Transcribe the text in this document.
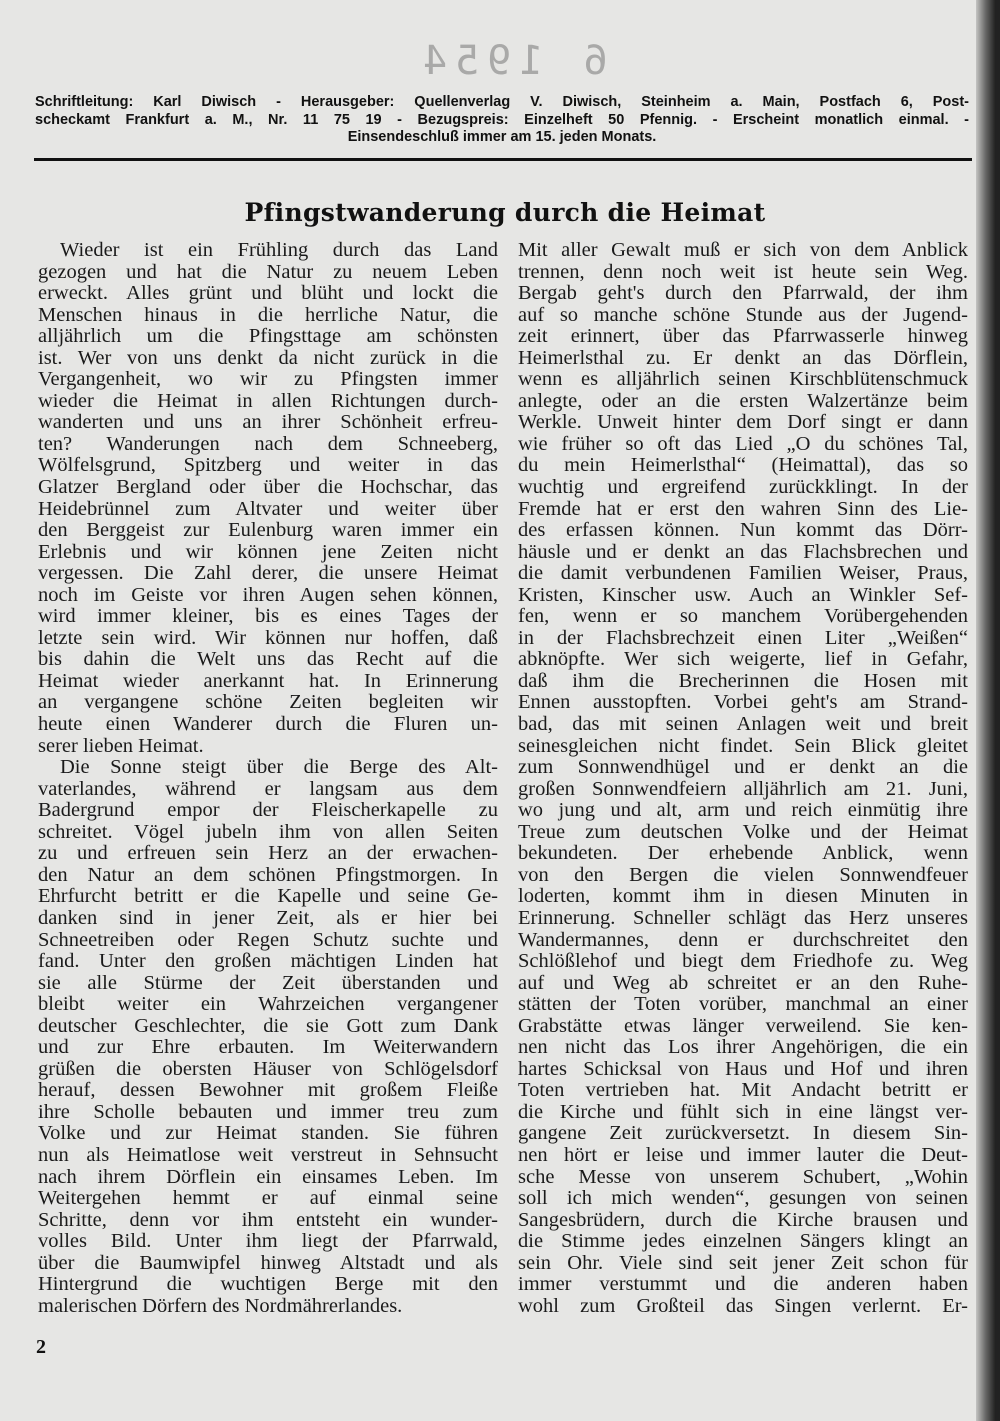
6 1954
Schriftleitung: Karl Diwisch - Herausgeber: Quellenverlag V. Diwisch, Steinheim a. Main, Postfach 6, Post-
scheckamt Frankfurt a. M., Nr. 11 75 19 - Bezugspreis: Einzelheft 50 Pfennig. - Erscheint monatlich einmal. -
Einsendeschluß immer am 15. jeden Monats.
Pfingstwanderung durch die Heimat
Wieder ist ein Frühling durch das Land
gezogen und hat die Natur zu neuem Leben
erweckt. Alles grünt und blüht und lockt die
Menschen hinaus in die herrliche Natur, die
alljährlich um die Pfingsttage am schönsten
ist. Wer von uns denkt da nicht zurück in die
Vergangenheit, wo wir zu Pfingsten immer
wieder die Heimat in allen Richtungen durch-
wanderten und uns an ihrer Schönheit erfreu-
ten? Wanderungen nach dem Schneeberg,
Wölfelsgrund, Spitzberg und weiter in das
Glatzer Bergland oder über die Hochschar, das
Heidebrünnel zum Altvater und weiter über
den Berggeist zur Eulenburg waren immer ein
Erlebnis und wir können jene Zeiten nicht
vergessen. Die Zahl derer, die unsere Heimat
noch im Geiste vor ihren Augen sehen können,
wird immer kleiner, bis es eines Tages der
letzte sein wird. Wir können nur hoffen, daß
bis dahin die Welt uns das Recht auf die
Heimat wieder anerkannt hat. In Erinnerung
an vergangene schöne Zeiten begleiten wir
heute einen Wanderer durch die Fluren un-
serer lieben Heimat.
Die Sonne steigt über die Berge des Alt-
vaterlandes, während er langsam aus dem
Badergrund empor der Fleischerkapelle zu
schreitet. Vögel jubeln ihm von allen Seiten
zu und erfreuen sein Herz an der erwachen-
den Natur an dem schönen Pfingstmorgen. In
Ehrfurcht betritt er die Kapelle und seine Ge-
danken sind in jener Zeit, als er hier bei
Schneetreiben oder Regen Schutz suchte und
fand. Unter den großen mächtigen Linden hat
sie alle Stürme der Zeit überstanden und
bleibt weiter ein Wahrzeichen vergangener
deutscher Geschlechter, die sie Gott zum Dank
und zur Ehre erbauten. Im Weiterwandern
grüßen die obersten Häuser von Schlögelsdorf
herauf, dessen Bewohner mit großem Fleiße
ihre Scholle bebauten und immer treu zum
Volke und zur Heimat standen. Sie führen
nun als Heimatlose weit verstreut in Sehnsucht
nach ihrem Dörflein ein einsames Leben. Im
Weitergehen hemmt er auf einmal seine
Schritte, denn vor ihm entsteht ein wunder-
volles Bild. Unter ihm liegt der Pfarrwald,
über die Baumwipfel hinweg Altstadt und als
Hintergrund die wuchtigen Berge mit den
malerischen Dörfern des Nordmährerlandes.
Mit aller Gewalt muß er sich von dem Anblick
trennen, denn noch weit ist heute sein Weg.
Bergab geht's durch den Pfarrwald, der ihm
auf so manche schöne Stunde aus der Jugend-
zeit erinnert, über das Pfarrwasserle hinweg
Heimerlsthal zu. Er denkt an das Dörflein,
wenn es alljährlich seinen Kirschblütenschmuck
anlegte, oder an die ersten Walzertänze beim
Werkle. Unweit hinter dem Dorf singt er dann
wie früher so oft das Lied „O du schönes Tal,
du mein Heimerlsthal“ (Heimattal), das so
wuchtig und ergreifend zurückklingt. In der
Fremde hat er erst den wahren Sinn des Lie-
des erfassen können. Nun kommt das Dörr-
häusle und er denkt an das Flachsbrechen und
die damit verbundenen Familien Weiser, Praus,
Kristen, Kinscher usw. Auch an Winkler Sef-
fen, wenn er so manchem Vorübergehenden
in der Flachsbrechzeit einen Liter „Weißen“
abknöpfte. Wer sich weigerte, lief in Gefahr,
daß ihm die Brecherinnen die Hosen mit
Ennen ausstopften. Vorbei geht's am Strand-
bad, das mit seinen Anlagen weit und breit
seinesgleichen nicht findet. Sein Blick gleitet
zum Sonnwendhügel und er denkt an die
großen Sonnwendfeiern alljährlich am 21. Juni,
wo jung und alt, arm und reich einmütig ihre
Treue zum deutschen Volke und der Heimat
bekundeten. Der erhebende Anblick, wenn
von den Bergen die vielen Sonnwendfeuer
loderten, kommt ihm in diesen Minuten in
Erinnerung. Schneller schlägt das Herz unseres
Wandermannes, denn er durchschreitet den
Schlößlehof und biegt dem Friedhofe zu. Weg
auf und Weg ab schreitet er an den Ruhe-
stätten der Toten vorüber, manchmal an einer
Grabstätte etwas länger verweilend. Sie ken-
nen nicht das Los ihrer Angehörigen, die ein
hartes Schicksal von Haus und Hof und ihren
Toten vertrieben hat. Mit Andacht betritt er
die Kirche und fühlt sich in eine längst ver-
gangene Zeit zurückversetzt. In diesem Sin-
nen hört er leise und immer lauter die Deut-
sche Messe von unserem Schubert, „Wohin
soll ich mich wenden“, gesungen von seinen
Sangesbrüdern, durch die Kirche brausen und
die Stimme jedes einzelnen Sängers klingt an
sein Ohr. Viele sind seit jener Zeit schon für
immer verstummt und die anderen haben
wohl zum Großteil das Singen verlernt. Er-
2
